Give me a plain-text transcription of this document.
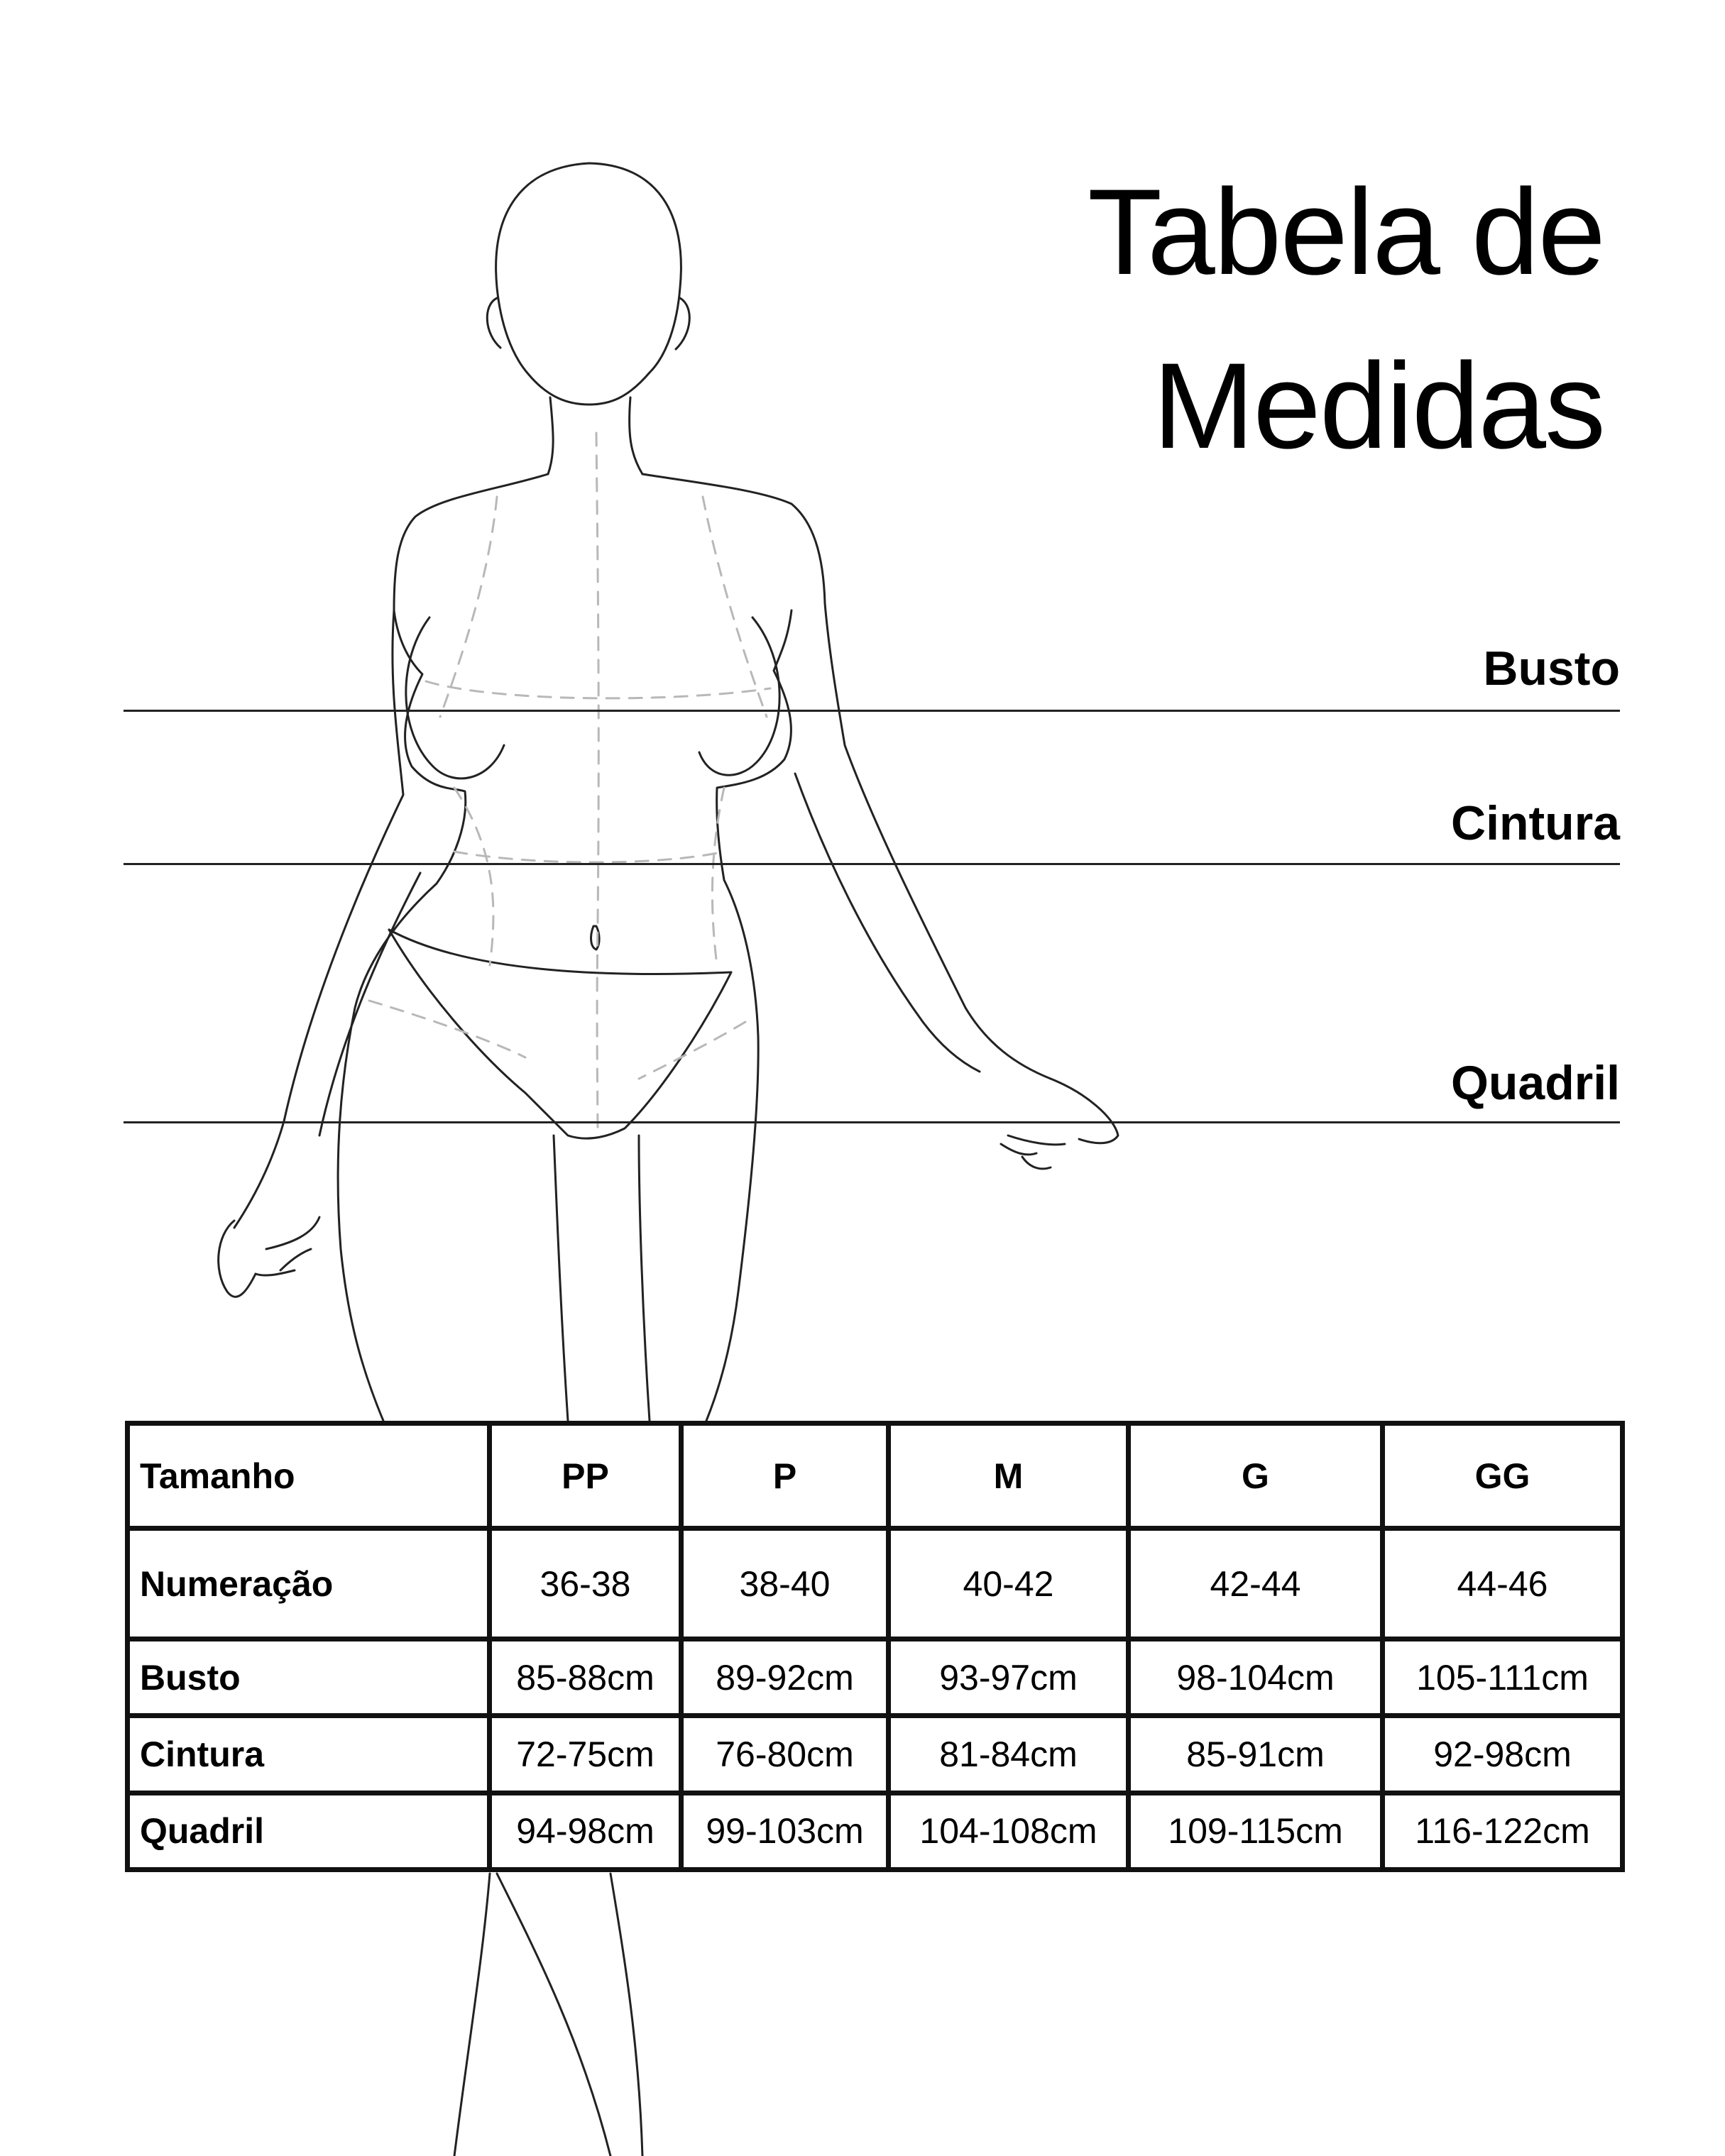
Tabela de
Medidas
Busto
Cintura
Quadril
Tamanho	PP	P	M	G	GG
Numeração	36-38	38-40	40-42	42-44	44-46
Busto	85-88cm	89-92cm	93-97cm	98-104cm	105-111cm
Cintura	72-75cm	76-80cm	81-84cm	85-91cm	92-98cm
Quadril	94-98cm	99-103cm	104-108cm	109-115cm	116-122cm
